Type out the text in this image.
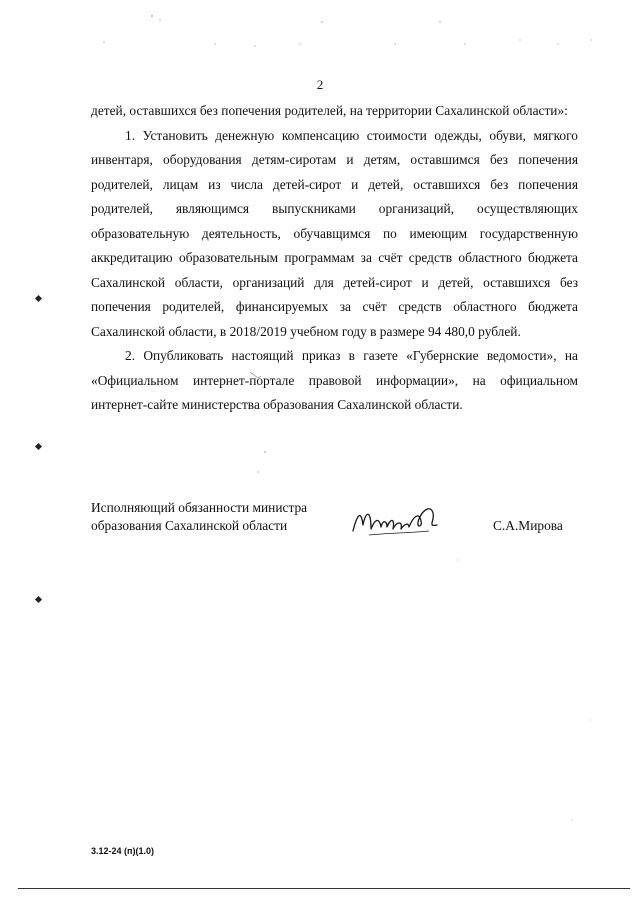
2

детей, оставшихся без попечения родителей, на территории Сахалинской области»:

1. Установить денежную компенсацию стоимости одежды, обуви, мягкого инвентаря, оборудования детям-сиротам и детям, оставшимся без попечения родителей, лицам из числа детей-сирот и детей, оставшихся без попечения родителей, являющимся выпускниками организаций, осуществляющих образовательную деятельность, обучавщимся по имеющим государственную аккредитацию образовательным программам за счёт средств областного бюджета Сахалинской области, организаций для детей-сирот и детей, оставшихся без попечения родителей, финансируемых за счёт средств областного бюджета Сахалинской области, в 2018/2019 учебном году в размере 94 480,0 рублей.

2. Опубликовать настоящий приказ в газете «Губернские ведомости», на «Официальном интернет-портале правовой информации», на официальном интернет-сайте министерства образования Сахалинской области.

Исполняющий обязанности министра
образования Сахалинской области	С.А.Мирова
3.12-24 (п)(1.0)
